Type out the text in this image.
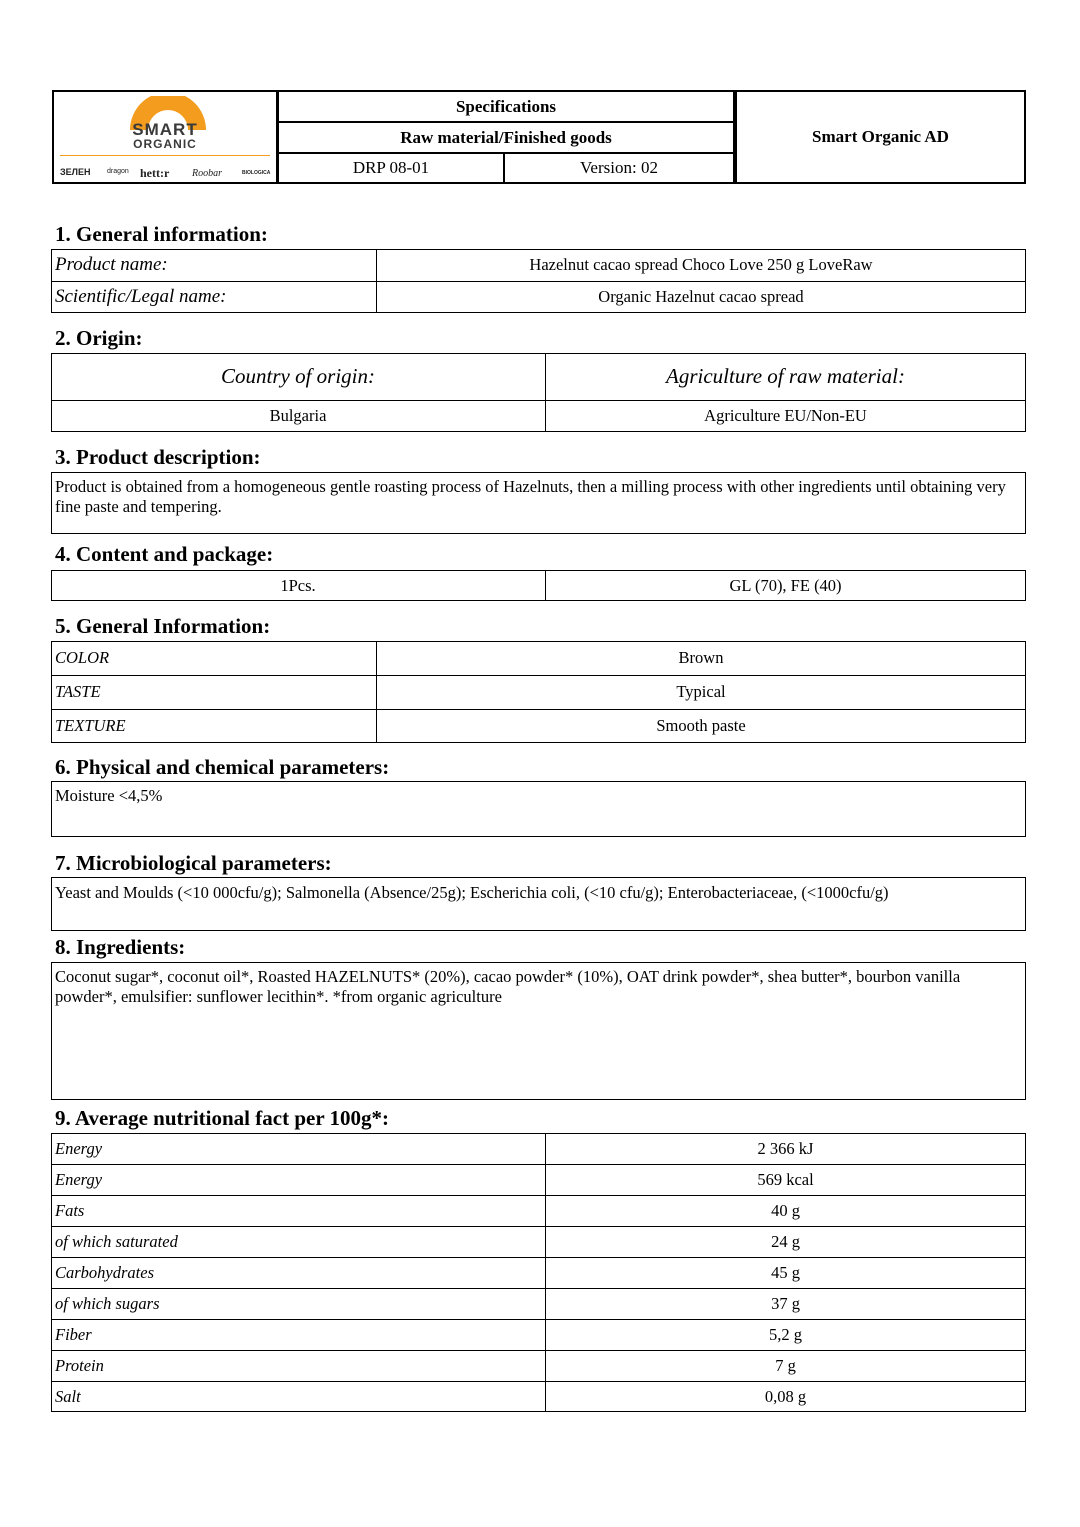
SMART
ORGANIC
ЗЕЛЕН dragon hett:r Roobar	BIOLOGICA
Specifications
Raw material/Finished goods
DRP 08-01	Version: 02
Smart Organic AD
1. General information:
Product name:	Hazelnut cacao spread Choco Love 250 g LoveRaw
Scientific/Legal name:	Organic Hazelnut cacao spread
2. Origin:
Country of origin:	Agriculture of raw material:
Bulgaria	Agriculture EU/Non-EU
3. Product description:
Product is obtained from a homogeneous gentle roasting process of Hazelnuts, then a milling process with other ingredients until obtaining very fine paste and tempering.
4. Content and package:
1Pcs.	GL (70), FE (40)
5. General Information:
COLOR	Brown
TASTE	Typical
TEXTURE	Smooth paste
6. Physical and chemical parameters:
Moisture <4,5%
7. Microbiological parameters:
Yeast and Moulds (<10 000cfu/g); Salmonella (Absence/25g); Escherichia coli, (<10 cfu/g); Enterobacteriaceae, (<1000cfu/g)
8. Ingredients:
Coconut sugar*, coconut oil*, Roasted HAZELNUTS* (20%), cacao powder* (10%), OAT drink powder*, shea butter*, bourbon vanilla powder*, emulsifier: sunflower lecithin*. *from organic agriculture
9. Average nutritional fact per 100g*:
Energy	2 366 kJ
Energy	569 kcal
Fats	40 g
of which saturated	24 g
Carbohydrates	45 g
of which sugars	37 g
Fiber	5,2 g
Protein	7 g
Salt	0,08 g
